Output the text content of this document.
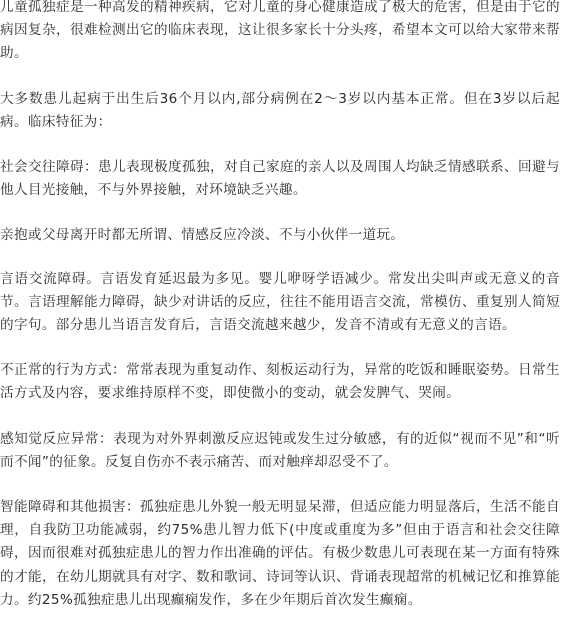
儿童孤独症是一种高发的精神疾病，它对儿童的身心健康造成了极大的危害，但是由于它的病因复杂，很难检测出它的临床表现，这让很多家长十分头疼，希望本文可以给大家带来帮助。

大多数患儿起病于出生后36个月以内,部分病例在2～3岁以内基本正常。但在3岁以后起病。临床特征为：

社会交往障碍：患儿表现极度孤独，对自己家庭的亲人以及周围人均缺乏情感联系、回避与他人目光接触，不与外界接触，对环境缺乏兴趣。

亲抱或父母离开时都无所谓、情感反应冷淡、不与小伙伴一道玩。

言语交流障碍。言语发育延迟最为多见。婴儿咿呀学语减少。常发出尖叫声或无意义的音节。言语理解能力障碍，缺少对讲话的反应，往往不能用语言交流，常模仿、重复别人简短的字句。部分患儿当语言发育后，言语交流越来越少，发音不清或有无意义的言语。

不正常的行为方式：常常表现为重复动作、刻板运动行为，异常的吃饭和睡眠姿势。日常生活方式及内容，要求维持原样不变，即使微小的变动，就会发脾气、哭闹。

感知觉反应异常：表现为对外界刺激反应迟钝或发生过分敏感，有的近似“视而不见”和“听而不闻”的征象。反复自伤亦不表示痛苦、而对触痒却忍受不了。

智能障碍和其他损害：孤独症患儿外貌一般无明显呆滞，但适应能力明显落后，生活不能自理，自我防卫功能减弱，约75%患儿智力低下(中度或重度为多”但由于语言和社会交往障碍，因而很难对孤独症患儿的智力作出准确的评估。有极少数患儿可表现在某一方面有特殊的才能，在幼儿期就具有对字、数和歌词、诗词等认识、背诵表现超常的机械记忆和推算能力。约25%孤独症患儿出现癫痫发作，多在少年期后首次发生癫痫。
